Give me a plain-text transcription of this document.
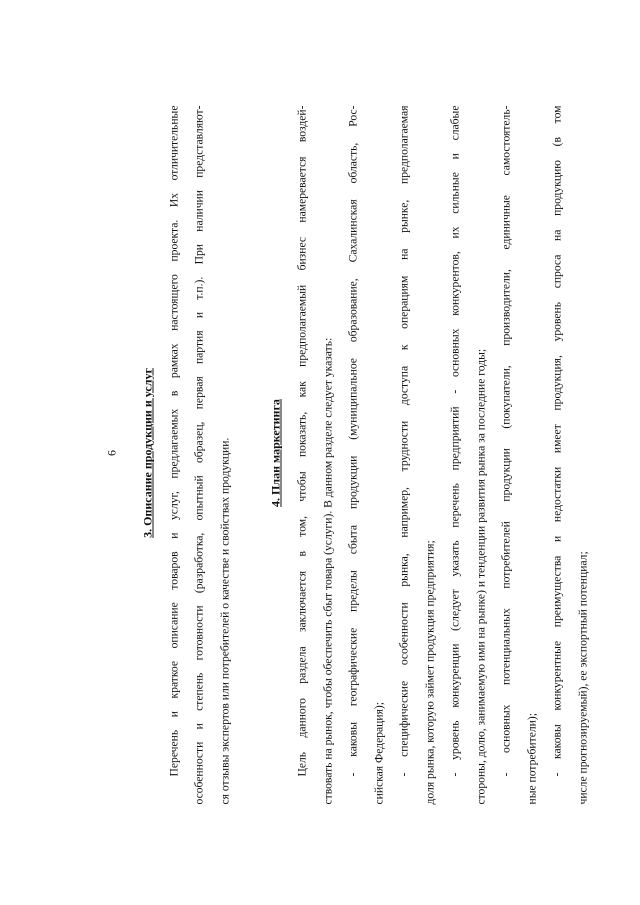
6	3. Описание продукции и услуг	Перечень и краткое описание товаров и услуг, предлагаемых в рамках настоящего проекта. Их отличительные	особенности и степень готовности (разработка, опытный образец, первая партия и т.п.). При наличии представляют-	ся отзывы экспертов или потребителей о качестве и свойствах продукции.	4. План маркетинга	Цель данного раздела заключается в том, чтобы показать, как предполагаемый бизнес намеревается воздей-	ствовать на рынок, чтобы обеспечить сбыт товара (услуги). В данном разделе следует указать:	- каковы географические пределы сбыта продукции (муниципальное образование, Сахалинская область, Рос-	сийская Федерация);	- специфические особенности рынка, например, трудности доступа к операциям на рынке, предполагаемая	доля рынка, которую займет продукция предприятия;	- уровень конкуренции (следует указать перечень предприятий - основных конкурентов, их сильные и слабые	стороны, долю, занимаемую ими на рынке) и тенденции развития рынка за последние годы;	- основных потенциальных потребителей продукции (покупатели, производители, единичные самостоятель-	ные потребители);	- каковы конкурентные преимущества и недостатки имеет продукция, уровень спроса на продукцию (в том	числе прогнозируемый), ее экспортный потенциал;
